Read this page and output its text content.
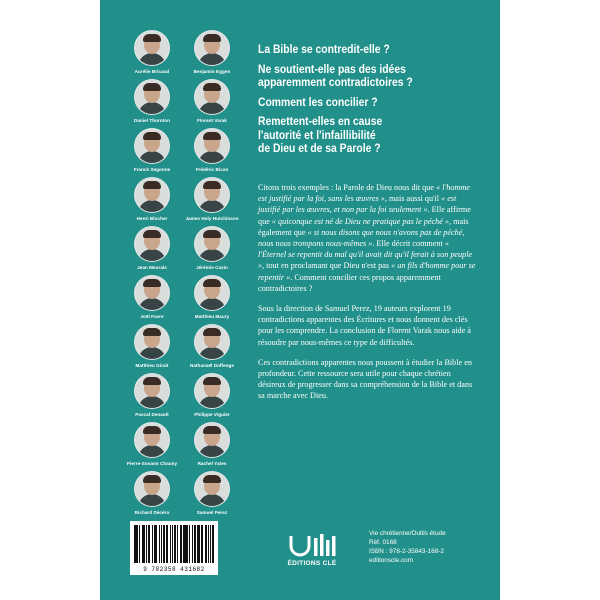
Aurélie Bricaud	Benjamin Eggen
Daniel Thornton	Florent Varak
Franck Segonne	Frédéric Bican
Henri Blocher	James Holy Hutchinson
Jean Meurals	Jérémie Cavin
Joël Favre	Matthieu Maury
Matthieu Giralt	Nathanaël Doffenge
Pascal Denault	Philippe Viguier
Pierre-Sovann Chauny	Rachel Yates
Richard Décéro	Samuel Perez

La Bible se contredit-elle ?

Ne soutient-elle pas des idées
apparemment contradictoires ?

Comment les concilier ?

Remettent-elles en cause
l'autorité et l'infaillibilité
de Dieu et de sa Parole ?

Citons trois exemples : la Parole de Dieu nous dit que « l'homme est justifié par la foi, sans les œuvres », mais aussi qu'il « est justifié par les œuvres, et non par la foi seulement ». Elle affirme que « quiconque est né de Dieu ne pratique pas le péché », mais également que « si nous disons que nous n'avons pas de péché, nous nous trompons nous-mêmes ». Elle décrit comment « l'Éternel se repentit du mal qu'il avait dit qu'il ferait à son peuple », tout en proclamant que Dieu n'est pas « un fils d'homme pour se repentir ». Comment concilier ces propos apparemment contradictoires ?

Sous la direction de Samuel Perez, 19 auteurs explorent 19 contradictions apparentes des Écritures et nous donnent des clés pour les comprendre. La conclusion de Florent Varak nous aide à résoudre par nous-mêmes ce type de difficultés.

Ces contradictions apparentes nous poussent à étudier la Bible en profondeur. Cette ressource sera utile pour chaque chrétien désireux de progresser dans sa compréhension de la Bible et dans sa marche avec Dieu.

9 782358 431682
ÉDITIONS CLÉ
Vie chrétienne/Outils étude
Réf. 0168
ISBN : 978-2-35843-168-2
editionscle.com
